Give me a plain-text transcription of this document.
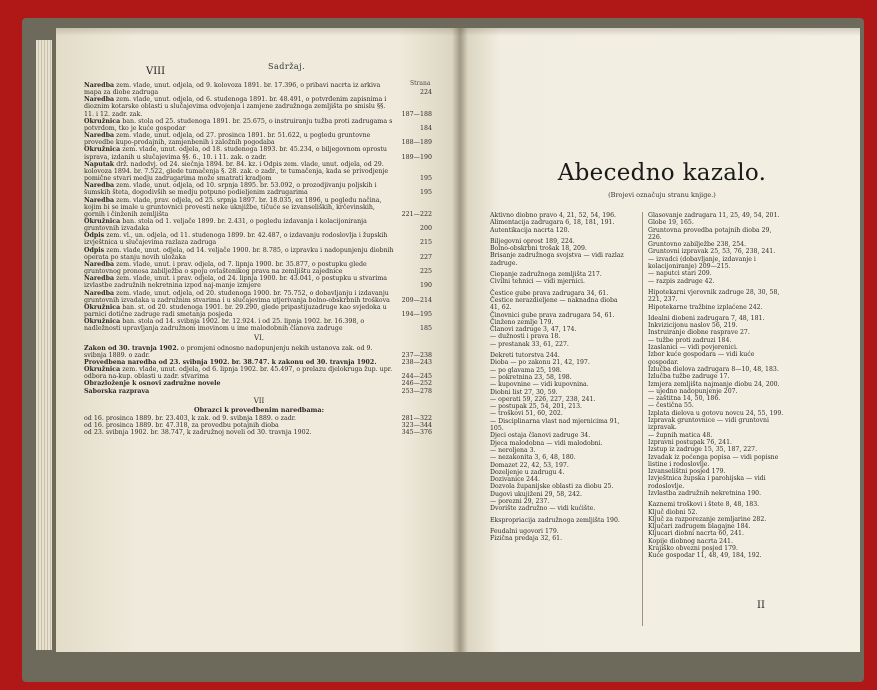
VIII	Sadržaj.
Strana
Naredba zem. vlade, unut. odjela, od 9. kolovoza 1891. br. 17.396, o pribavi nacrta iz arkiva mapa za diobe zadruga	224
Naredba zem. vlade, unut. odjela, od 6. studenoga 1891. br. 48.491, o potvrđenim zapisnima i dioznim kotarske oblasti u slučajevima odvojenja i zamjene zadružnoga zemljišta po smislu §§. 11. i 12. zadr. zak.	187—188
Okružnica ban. stola od 25. studenoga 1891. br. 25.675, o instruiranju tužba proti zadrugama s potvrdom, tko je kuće gospodar	184
Naredba zem. vlade, unut. odjela, od 27. prosinca 1891. br. 51.622, u pogledu gruntovne provedbe kupo-prodajnih, zamjenbenih i založnih pogodaba	188—189
Okružnica zem. vlade, unut. odjela, od 18. studenoga 1893. br. 45.234, o biljegovnom oprostu isprava, izdanih u slučajevima §§. 6., 10. i 11. zak. o zadr.	189—190
Naputak drž. nadodvj. od 24. siečnja 1894. br. 84. kz. i Odpis zem. vlade, unut. odjela, od 29. kolovoza 1894. br. 7.522, glede tumačenja §. 28. zak. o zadr., te tumačenja, kada se privodjenje pomične stvari medju zadrugarima može smatrati kradjom	195
Naredba zem. vlade, unut. odjela, od 10. srpnja 1895. br. 53.092, o prozodjivanju poljskih i šumskih šteta, dogodivših se medju potpuno podieljenim zadrugarima	195
Naredba zem. vlade, prav. odjela, od 25. srpnja 1897. br. 18.035, ex 1896, u pogledu načina, kojim bi se imale u gruntovnici provesti neke uknjižbe, tičuće se izvanseliških, krčevinskih, gornih i činženih zemljišta	221—222
Okružnica ban. stola od 1. veljače 1899. br. 2.431, o pogledu izdavanja i kolacijoniranja gruntovnih izvadaka	200
Odpis zem. vl., un. odjela, od 11. studenoga 1899. br. 42.487, o izdavanju rodoslovlja i župskih izvještnica u slučajevima razlaza zadruga	215
Odpis zem. vlade, unut. odjela, od 14. veljače 1900. br. 8.785, o izpravku i nadopunjenju diobnih operata po stanju novih uložaka	227
Naredba zem. vlade, unut. i prav. odjela, od 7. lipnja 1900. br. 35.877, o postupku glede gruntovnog pronosa zabilježba o spoju ovlaštenikog prava na zemljištu zajednice	225
Naredba zem. vlade, unut. i prav. odjela, od 24. lipnja 1900. br. 43.041, o postupku u stvarima izvlastbe zadružnih nekretnina izpod naj-manje izmjere	190
Naredba zem. vlade, unut. odjela, od 20. studenoga 1900. br. 75.752, o dobavljanju i izdavanju gruntovnih izvadaka u zadružnim stvarima i u slučajevima utjerivanja bolno-obskrbnih troškova	209—214
Okružnica ban. st. od 20. studenoga 1901. br. 29.290, glede pripastijuzadruge kao svjedoka u parnici dotične zadruge radi smetanja posjeda	194—195
Okružnica ban. stola od 14. svibnja 1902. br. 12.924. i od 25. lipnja 1902. br. 16.398, o nadležnosti upravljanja zadružnom imovinom u ime malodobnih članova zadruge	185
VI.
Zakon od 30. travnja 1902. o promjeni odnosno nadopunjenju nekih ustanova zak. od 9. svibnja 1889. o zadr.	237—238
Provedbena naredba od 23. svibnja 1902. br. 38.747. k zakonu od 30. travnja 1902.	238—243
Okružnica zem. vlade, unut. odjela, od 6. lipnja 1902. br. 45.497, o prelazu djelokruga žup. upr. odbora na-kup. oblasti u zadr. stvarima	244—245
Obrazloženje k osnovi zadružne novele	246—252
Saborska razprava	253—278
VII
Obrazci k provedbenim naredbama:
od 16. prosinca 1889. br. 23.403, k zak. od 9. svibnja 1889. o zadr.	281—322
od 16. prosinca 1889. br. 47.318, za provedbu potajnih dioba	323—344
od 23. svibnja 1902. br. 38.747, k zadružnoj noveli od 30. travnja 1902.	345—376
Abecedno kazalo.
(Brojevi označuju stranu knjige.)
Aktivno diobno pravo 4, 21, 52, 54, 196.
Alimentacija zadrugara 6, 18, 181, 191.
Autentikacija nacrta 120.
Biljegovni oprost 189, 224.
Bolno-obskrbni trošak 18, 209.
Brisanje zadružnoga svojstva — vidi razlaz zadruge.
Ciepanje zadružnoga zemljišta 217.
Civilni tehnici — vidi mjernici.
Čestice gube prava zadrugara 34, 61.
Čestice nerazdieljene — naknadna dioba 41, 62.
Činovnici gube prava zadrugara 54, 61.
Činženo zemlje 179.
Članovi zadruge 3, 47, 174.
— dužnosti i prava 18.
— prestanak 33, 61, 227.
Dekreti tutorstva 244.
Dioba — po zakonu 21, 42, 197.
— po glavama 25, 198.
— pokretnina 23, 58, 198.
— kupovnine — vidi kupovnina.
Diobni list 27, 30, 59.
— operati 59, 226, 227, 238, 241.
— postupak 25, 54, 201, 213.
— troškovi 51, 60, 202.
— Disciplinarna vlast nad mjernicima 91, 105.
Djeci ostaja članovi zadruge 34.
Djeca malodobna — vidi malodobni.
— neroljena 3.
— nezakonita 3, 6, 48, 180.
Domazet 22, 42, 53, 197.
Dozeljenje u zadrugu 4.
Dozivanice 244.
Dozvola županijske oblasti za diobu 25.
Dugovi ukujiženi 29, 58, 242.
— porezni 29, 237.
Dvorište zadružno — vidi kućište.
Ekspropriacija zadružnoga zemljišta 190.
Feudalni ugovori 179.
Fizična predaja 32, 61.
Glasovanje zadrugara 11, 25, 49, 54, 201.
Globe 19, 165.
Gruntovna provedba potajnih dioba 29, 226.
Gruntovno zabilježbe 238, 254.
Gruntovni izpravak 25, 53, 76, 238, 241.
— izvadci (dobavljanje, izdavanje i kolacijoniranje) 209—215.
— naputci stari 209.
— razpis zadruge 42.
Hipotekarni vjerovnik zadruge 28, 30, 58, 221, 237.
Hipotekarne tražbine izplaćene 242.
Idealni diobeni zadrugara 7, 48, 181.
Inkvizicijonu naslov 56, 219.
Instruiranje diobne rasprave 27.
— tužbe proti zadruzi 184.
Izaslanici — vidi povjerenici.
Izbor kuće gospodara — vidi kuće gospodar.
Izlučba dielova zadrugara 8—10, 48, 183.
Izlučba tužbe zadruge 17.
Izmjera zemljišta najmanje diobu 24, 200.
— ujedno nadopunjenje 207.
— zaštitna 14, 50, 186.
— čestična 55.
Izplata dielova u gotovu novcu 24, 55, 199.
Izpravak gruntovnice — vidi gruntovni izpravak.
— župnih matica 48.
Izpravni postupak 76, 241.
Izstup iz zadruge 15, 35, 187, 227.
Izvadak iz poćenga popisa — vidi popisne listine i rodoslovlje.
Izvanselištni posjed 179.
Izvještnica župska i parohijska — vidi rodoslovlje.
Izvlastba zadružnih nekretnina 190.
Kaznemi troškovi i štete 8, 48, 183.
Ključ diobni 52.
Ključ za razporezanje zemljarine 282.
Ključari zadrugem blagajne 184.
Kljucari diobni nacrta 60, 241.
Kopije diobnog nacrta 241.
Krajiško obvezni posjed 179.
Kuće gospodar 11, 48, 49, 184, 192.
II
